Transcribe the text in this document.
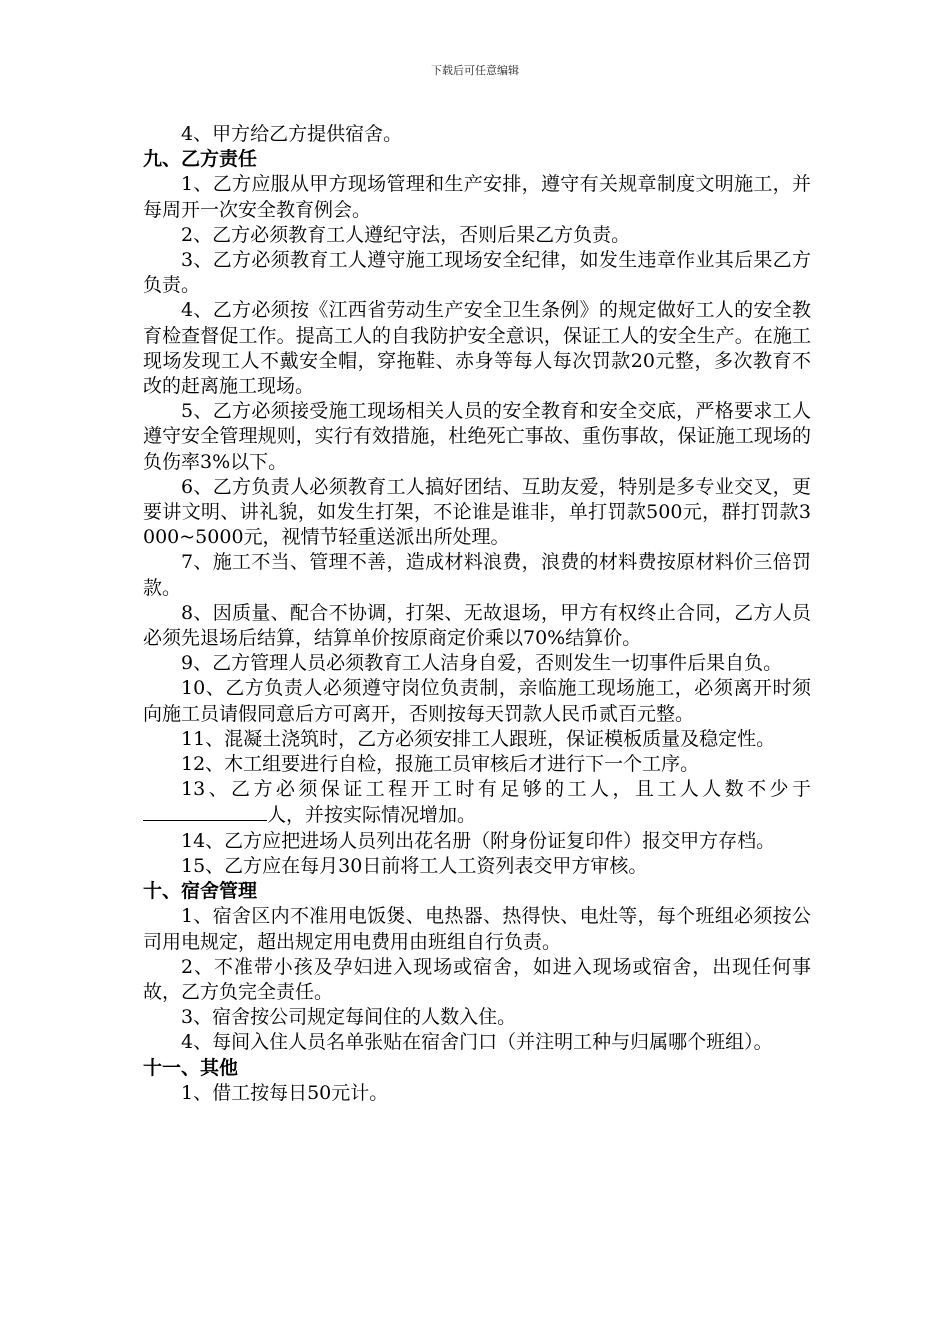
下载后可任意编辑

4、甲方给乙方提供宿舍。

九、乙方责任

1、乙方应服从甲方现场管理和生产安排，遵守有关规章制度文明施工，并每周开一次安全教育例会。

2、乙方必须教育工人遵纪守法，否则后果乙方负责。

3、乙方必须教育工人遵守施工现场安全纪律，如发生违章作业其后果乙方负责。

4、乙方必须按《江西省劳动生产安全卫生条例》的规定做好工人的安全教育检查督促工作。提高工人的自我防护安全意识，保证工人的安全生产。在施工现场发现工人不戴安全帽，穿拖鞋、赤身等每人每次罚款20元整，多次教育不改的赶离施工现场。

5、乙方必须接受施工现场相关人员的安全教育和安全交底，严格要求工人遵守安全管理规则，实行有效措施，杜绝死亡事故、重伤事故，保证施工现场的负伤率3%以下。

6、乙方负责人必须教育工人搞好团结、互助友爱，特别是多专业交叉，更要讲文明、讲礼貌，如发生打架，不论谁是谁非，单打罚款500元，群打罚款3000~5000元，视情节轻重送派出所处理。

7、施工不当、管理不善，造成材料浪费，浪费的材料费按原材料价三倍罚款。

8、因质量、配合不协调，打架、无故退场，甲方有权终止合同，乙方人员必须先退场后结算，结算单价按原商定价乘以70%结算价。

9、乙方管理人员必须教育工人洁身自爱，否则发生一切事件后果自负。

10、乙方负责人必须遵守岗位负责制，亲临施工现场施工，必须离开时须向施工员请假同意后方可离开，否则按每天罚款人民币贰百元整。

11、混凝土浇筑时，乙方必须安排工人跟班，保证模板质量及稳定性。

12、木工组要进行自检，报施工员审核后才进行下一个工序。

13、乙方必须保证工程开工时有足够的工人，且工人人数不少于人，并按实际情况增加。

14、乙方应把进场人员列出花名册（附身份证复印件）报交甲方存档。

15、乙方应在每月30日前将工人工资列表交甲方审核。

十、宿舍管理

1、宿舍区内不准用电饭煲、电热器、热得快、电灶等，每个班组必须按公司用电规定，超出规定用电费用由班组自行负责。

2、不准带小孩及孕妇进入现场或宿舍，如进入现场或宿舍，出现任何事故，乙方负完全责任。

3、宿舍按公司规定每间住的人数入住。

4、每间入住人员名单张贴在宿舍门口（并注明工种与归属哪个班组）。

十一、其他

1、借工按每日50元计。
